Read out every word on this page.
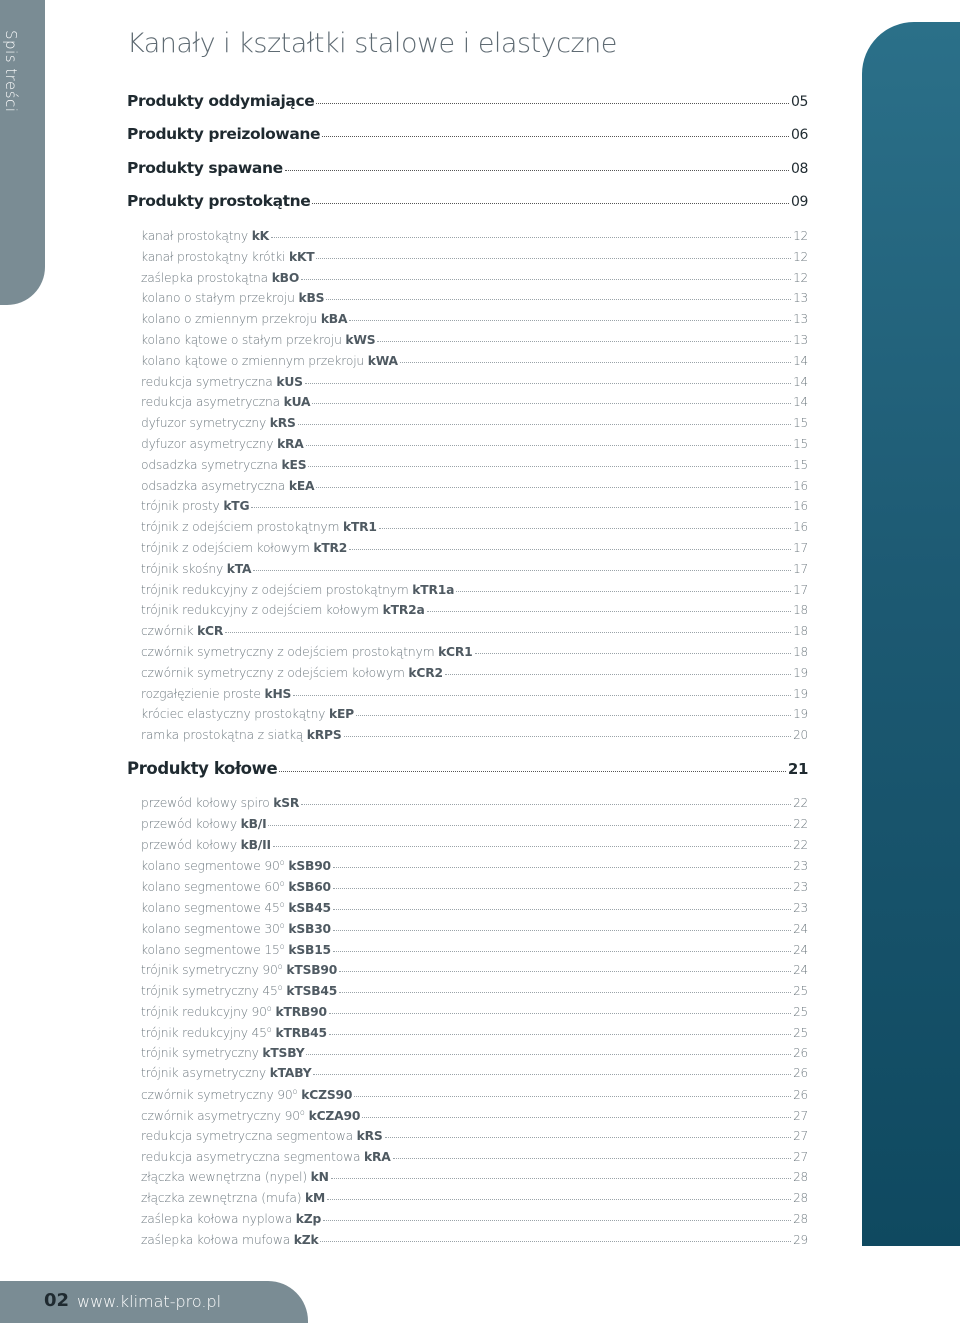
Spis treści	Kanały i kształtki stalowe i elastyczne
Produkty oddymiające	05
Produkty preizolowane	06
Produkty spawane	08
Produkty prostokątne	09
kanał prostokątny kK	12
kanał prostokątny krótki kKT	12
zaślepka prostokątna kBO	12
kolano o stałym przekroju kBS	13
kolano o zmiennym przekroju kBA	13
kolano kątowe o stałym przekroju kWS	13
kolano kątowe o zmiennym przekroju kWA	14
redukcja symetryczna kUS	14
redukcja asymetryczna kUA	14
dyfuzor symetryczny kRS	15
dyfuzor asymetryczny kRA	15
odsadzka symetryczna kES	15
odsadzka asymetryczna kEA	16
trójnik prosty kTG	16
trójnik z odejściem prostokątnym kTR1	16
trójnik z odejściem kołowym kTR2	17
trójnik skośny kTA	17
trójnik redukcyjny z odejściem prostokątnym kTR1a	17
trójnik redukcyjny z odejściem kołowym kTR2a	18
czwórnik kCR	18
czwórnik symetryczny z odejściem prostokątnym kCR1	18
czwórnik symetryczny z odejściem kołowym kCR2	19
rozgałęzienie proste kHS	19
króciec elastyczny prostokątny kEP	19
ramka prostokątna z siatką kRPS	20
Produkty kołowe	21
przewód kołowy spiro kSR	22
przewód kołowy kB/I	22
przewód kołowy kB/II	22
kolano segmentowe 90$^o$ kSB90	23
kolano segmentowe 60$^o$ kSB60	23
kolano segmentowe 45$^o$ kSB45	23
kolano segmentowe 30$^o$ kSB30	24
kolano segmentowe 15$^o$ kSB15	24
trójnik symetryczny 90$^o$ kTSB90	24
trójnik symetryczny 45$^o$ kTSB45	25
trójnik redukcyjny 90$^o$ kTRB90	25
trójnik redukcyjny 45$^o$ kTRB45	25
trójnik symetryczny kTSBY	26
trójnik asymetryczny kTABY	26
czwórnik symetryczny 90$^o$ kCZS90	26
czwórnik asymetryczny 90$^o$ kCZA90	27
redukcja symetryczna segmentowa kRS	27
redukcja asymetryczna segmentowa kRA	27
złączka wewnętrzna (nypel) kN	28
złączka zewnętrzna (mufa) kM	28
zaślepka kołowa nyplowa kZp	28
zaślepka kołowa mufowa kZk	29
02 www.klimat-pro.pl
